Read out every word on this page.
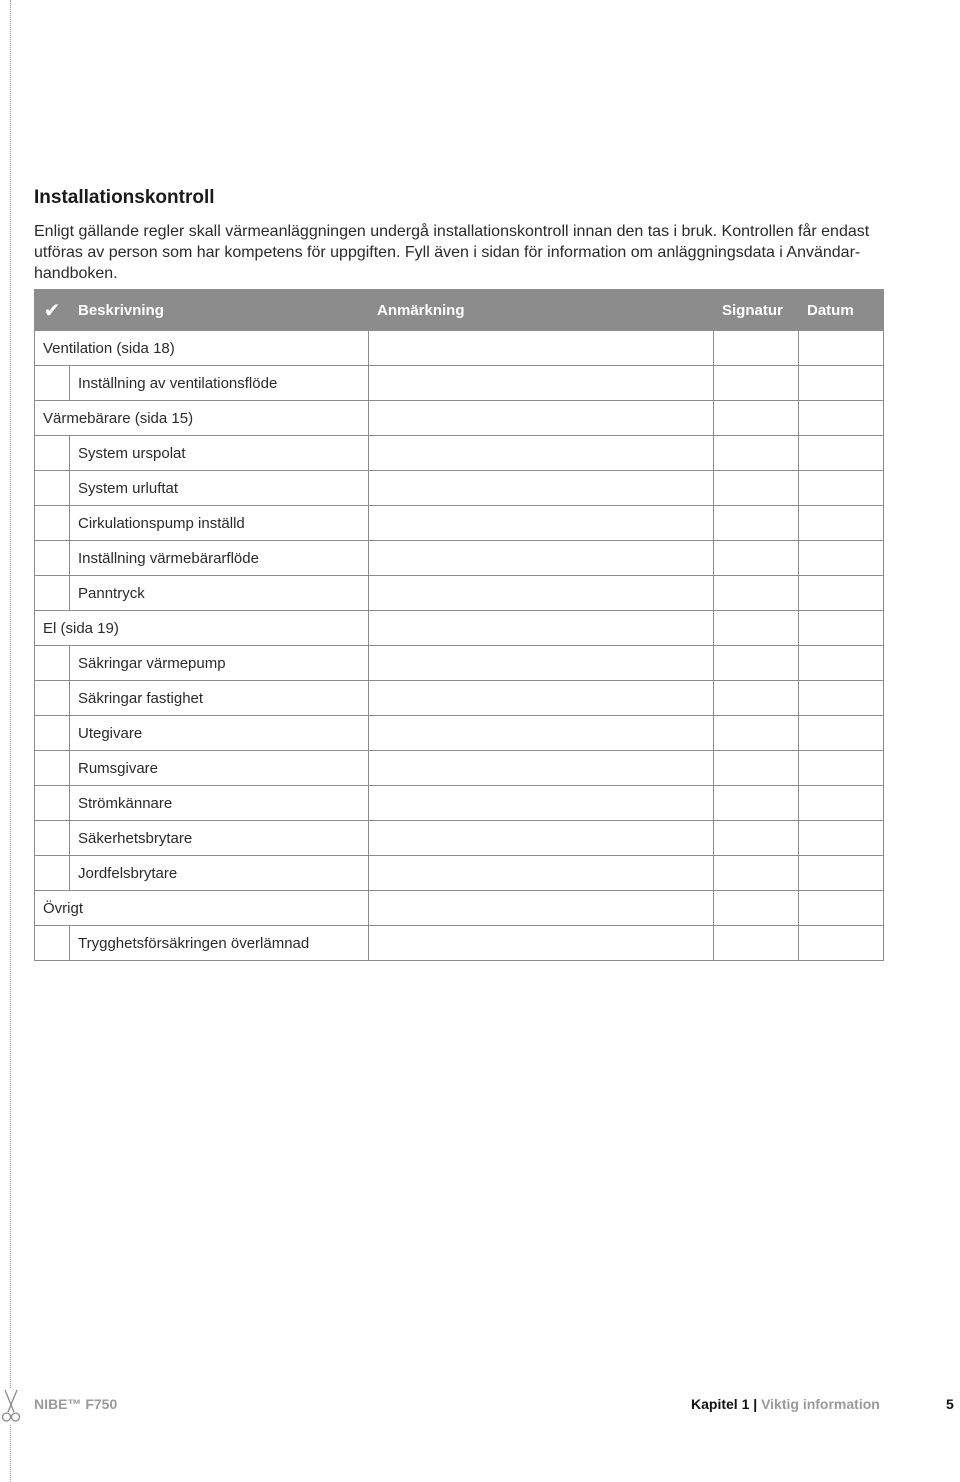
Installationskontroll

Enligt gällande regler skall värmeanläggningen undergå installationskontroll innan den tas i bruk. Kontrollen får endast utföras av person som har kompetens för uppgiften. Fyll även i sidan för information om anläggningsdata i Användar-handboken.

✔	Beskrivning	Anmärkning	Signatur	Datum
Ventilation (sida 18)				
	Inställning av ventilationsflöde			
Värmebärare (sida 15)				
	System urspolat			
	System urluftat			
	Cirkulationspump inställd			
	Inställning värmebärarflöde			
	Panntryck			
El (sida 19)				
	Säkringar värmepump			
	Säkringar fastighet			
	Utegivare			
	Rumsgivare			
	Strömkännare			
	Säkerhetsbrytare			
	Jordfelsbrytare			
Övrigt				
	Trygghetsförsäkringen överlämnad			
NIBE™ F750	Kapitel 1 | Viktig information	5
